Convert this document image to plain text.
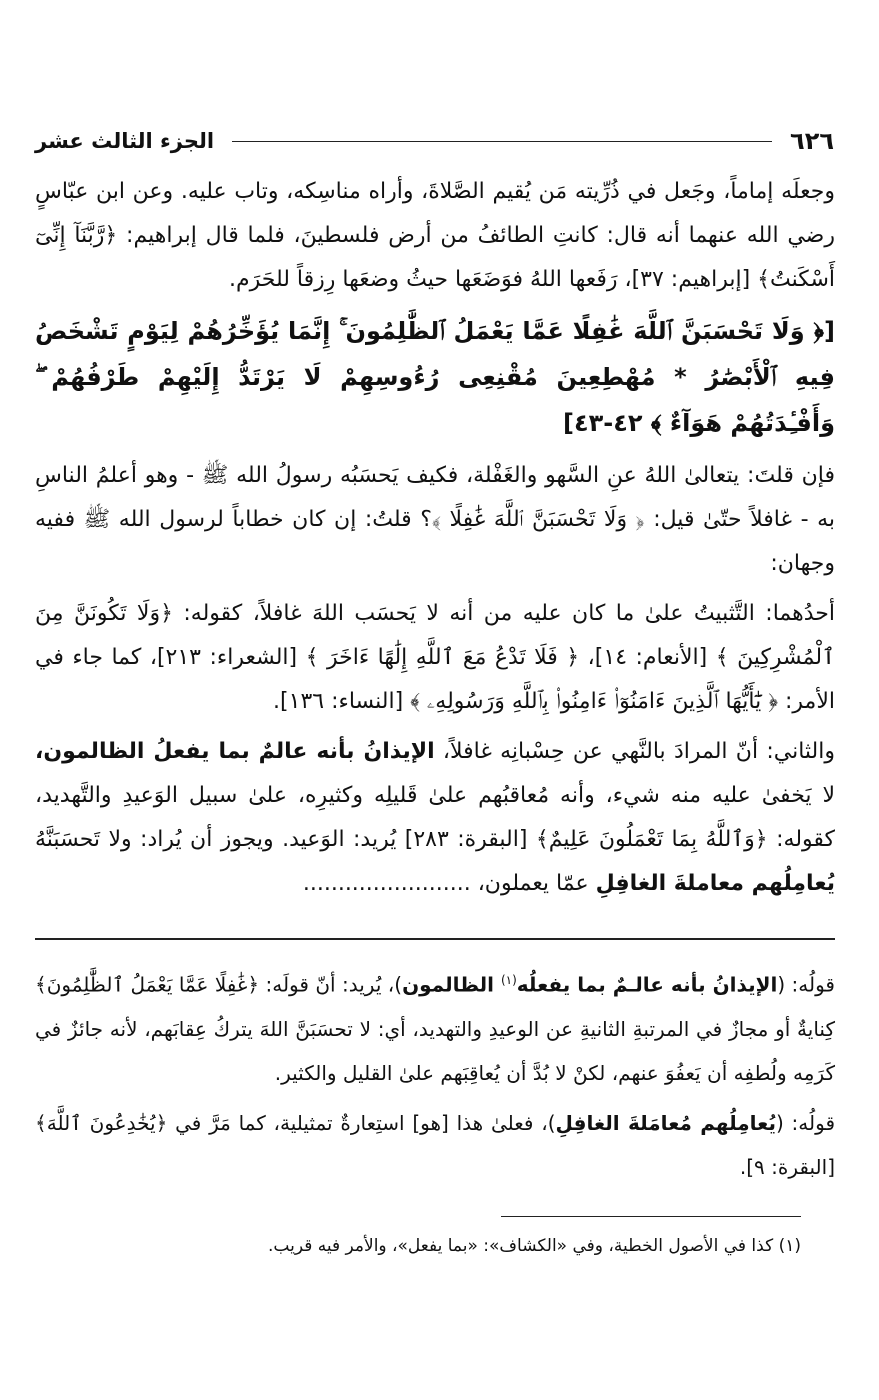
٦٢٦
الجزء الثالث عشر

وجعلَه إماماً، وجَعل في ذُرِّيته مَن يُقيم الصَّلاةَ، وأراه مناسِكه، وتاب عليه. وعن ابن عبّاسٍ رضي الله عنهما أنه قال: كانتِ الطائفُ من أرض فلسطينَ، فلما قال إبراهيم: ﴿رَّبَّنَآ إِنِّىٓ أَسْكَنتُ﴾ [إبراهيم: ٣٧]، رَفَعها اللهُ فوَضَعَها حيثُ وضعَها رِزقاً للحَرَم.

[﴿ وَلَا تَحْسَبَنَّ ٱللَّهَ غَٰفِلًا عَمَّا يَعْمَلُ ٱلظَّٰلِمُونَ ۚ إِنَّمَا يُؤَخِّرُهُمْ لِيَوْمٍ تَشْخَصُ فِيهِ ٱلْأَبْصَٰرُ * مُهْطِعِينَ مُقْنِعِى رُءُوسِهِمْ لَا يَرْتَدُّ إِلَيْهِمْ طَرْفُهُمْ ۖ وَأَفْـِٔدَتُهُمْ هَوَآءٌ ﴾ ٤٢-٤٣]

فإن قلتَ: يتعالىٰ اللهُ عنِ السَّهو والغَفْلة، فكيف يَحسَبُه رسولُ الله ﷺ - وهو أعلمُ الناسِ به - غافلاً حتّىٰ قيل: ﴿ وَلَا تَحْسَبَنَّ ٱللَّهَ غَٰفِلًا ﴾؟ قلتُ: إن كان خطاباً لرسول الله ﷺ ففيه وجهان:

أحدُهما: التَّثبيتُ علىٰ ما كان عليه من أنه لا يَحسَب اللهَ غافلاً، كقوله: ﴿وَلَا تَكُونَنَّ مِنَ ٱلْمُشْرِكِينَ ﴾ [الأنعام: ١٤]، ﴿ فَلَا تَدْعُ مَعَ ٱللَّهِ إِلَٰهًا ءَاخَرَ ﴾ [الشعراء: ٢١٣]، كما جاء في الأمر: ﴿ يَٰٓأَيُّهَا ٱلَّذِينَ ءَامَنُوٓا۟ ءَامِنُوا۟ بِٱللَّهِ وَرَسُولِهِۦ ﴾ [النساء: ١٣٦].

والثاني: أنّ المرادَ بالنَّهي عن حِسْبانِه غافلاً، الإيذانُ بأنه عالمٌ بما يفعلُ الظالمون، لا يَخفىٰ عليه منه شيء، وأنه مُعاقبُهم علىٰ قَليلِه وكثيرِه، علىٰ سبيل الوَعيدِ والتَّهديد، كقوله: ﴿وَٱللَّهُ بِمَا تَعْمَلُونَ عَلِيمٌ﴾ [البقرة: ٢٨٣] يُريد: الوَعيد. ويجوز أن يُراد: ولا تَحسَبَنَّهُ يُعامِلُهم معاملةَ الغافِلِ عمّا يعملون، ........................

قولُه: (الإيذانُ بأنه عالـمٌ بما يفعلُه$^{(١)}$ الظالمون)، يُريد: أنّ قولَه: ﴿غَٰفِلًا عَمَّا يَعْمَلُ ٱلظَّٰلِمُونَ﴾ كِنايةٌ أو مجازٌ في المرتبةِ الثانيةِ عن الوعيدِ والتهديد، أي: لا تحسَبَنَّ اللهَ يتركُ عِقابَهم، لأنه جائزٌ في كَرَمِه ولُطفِه أن يَعفُوَ عنهم، لكنْ لا بُدَّ أن يُعاقِبَهم علىٰ القليل والكثير.

قولُه: (يُعامِلُهم مُعامَلةَ الغافِلِ)، فعلىٰ هذا [هو] استِعارةٌ تمثيلية، كما مَرَّ في ﴿يُخَٰدِعُونَ ٱللَّهَ﴾ [البقرة: ٩].

(١) كذا في الأصول الخطية، وفي «الكشاف»: «بما يفعل»، والأمر فيه قريب.
